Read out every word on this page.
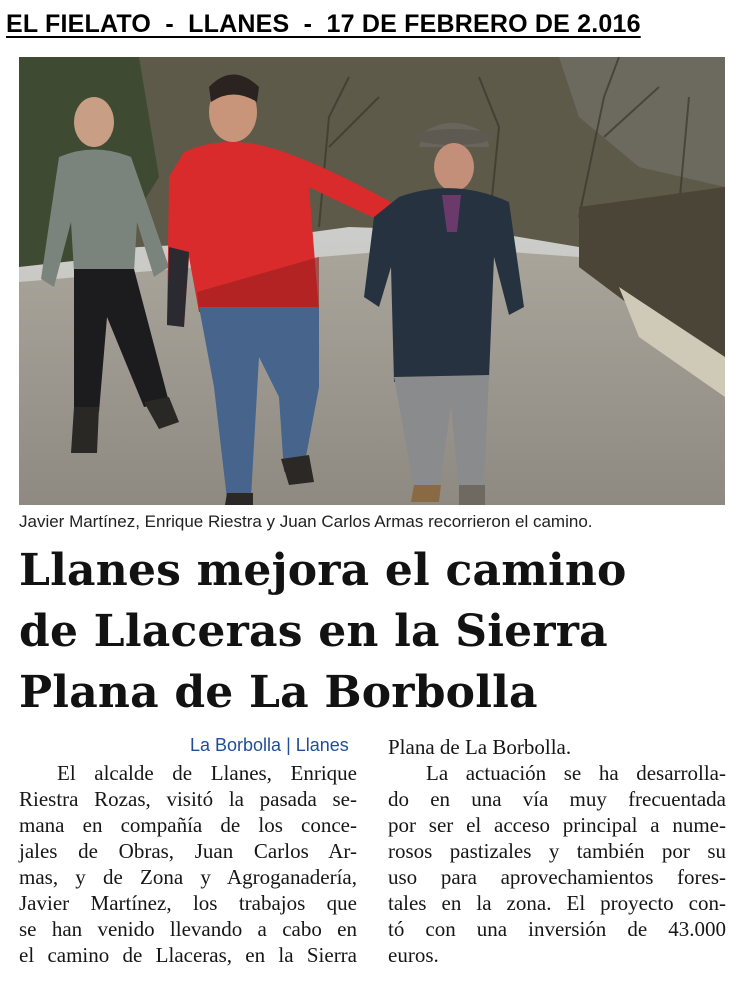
EL FIELATO  -  LLANES  -  17 DE FEBRERO DE 2.016
Javier Martínez, Enrique Riestra y Juan Carlos Armas recorrieron el camino.
Llanes mejora el camino
de Llaceras en la Sierra
Plana de La Borbolla
La Borbolla | Llanes
El alcalde de Llanes, Enrique
Riestra Rozas, visitó la pasada se-
mana en compañía de los conce-
jales de Obras, Juan Carlos Ar-
mas, y de Zona y Agroganadería,
Javier Martínez, los trabajos que
se han venido llevando a cabo en
el camino de Llaceras, en la Sierra
Plana de La Borbolla.
La actuación se ha desarrolla-
do en una vía muy frecuentada
por ser el acceso principal a nume-
rosos pastizales y también por su
uso para aprovechamientos fores-
tales en la zona. El proyecto con-
tó con una inversión de 43.000
euros.
